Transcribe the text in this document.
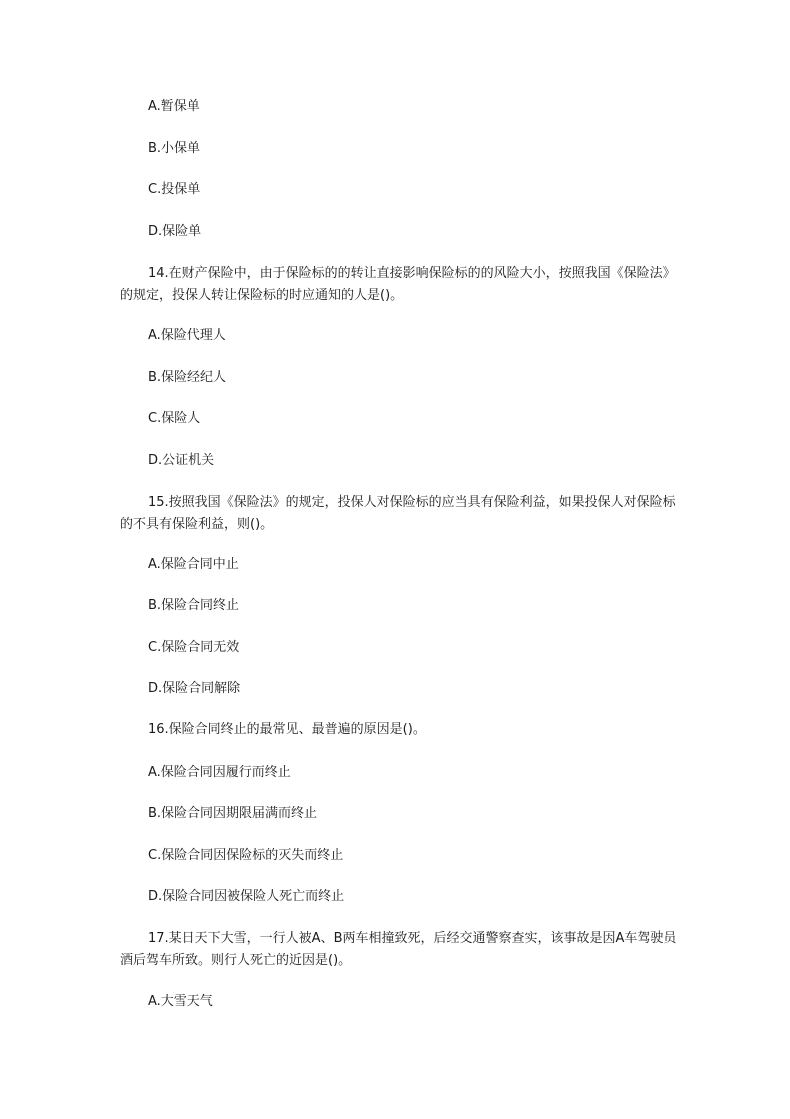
A.暂保单
B.小保单
C.投保单
D.保险单
14.在财产保险中，由于保险标的的转让直接影响保险标的的风险大小，按照我国《保险法》的规定，投保人转让保险标的时应通知的人是()。
A.保险代理人
B.保险经纪人
C.保险人
D.公证机关
15.按照我国《保险法》的规定，投保人对保险标的应当具有保险利益，如果投保人对保险标的不具有保险利益，则()。
A.保险合同中止
B.保险合同终止
C.保险合同无效
D.保险合同解除
16.保险合同终止的最常见、最普遍的原因是()。
A.保险合同因履行而终止
B.保险合同因期限届满而终止
C.保险合同因保险标的灭失而终止
D.保险合同因被保险人死亡而终止
17.某日天下大雪，一行人被A、B两车相撞致死，后经交通警察查实，该事故是因A车驾驶员酒后驾车所致。则行人死亡的近因是()。
A.大雪天气
